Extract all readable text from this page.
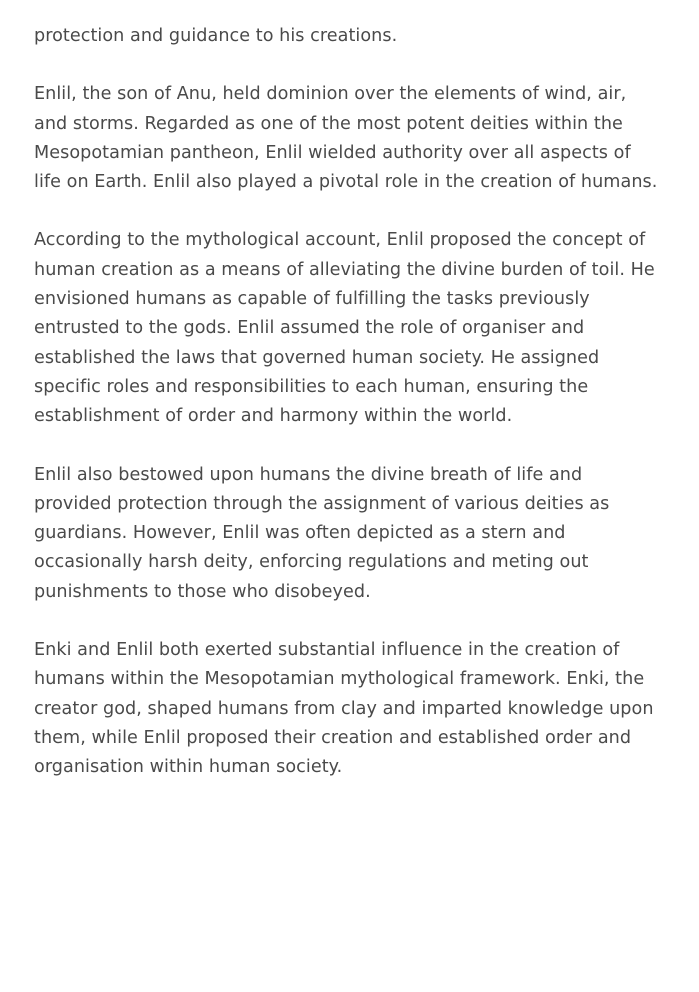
protection and guidance to his creations.

Enlil, the son of Anu, held dominion over the elements of wind, air,
and storms. Regarded as one of the most potent deities within the
Mesopotamian pantheon, Enlil wielded authority over all aspects of
life on Earth. Enlil also played a pivotal role in the creation of humans.

According to the mythological account, Enlil proposed the concept of
human creation as a means of alleviating the divine burden of toil. He
envisioned humans as capable of fulfilling the tasks previously
entrusted to the gods. Enlil assumed the role of organiser and
established the laws that governed human society. He assigned
specific roles and responsibilities to each human, ensuring the
establishment of order and harmony within the world.

Enlil also bestowed upon humans the divine breath of life and
provided protection through the assignment of various deities as
guardians. However, Enlil was often depicted as a stern and
occasionally harsh deity, enforcing regulations and meting out
punishments to those who disobeyed.

Enki and Enlil both exerted substantial influence in the creation of
humans within the Mesopotamian mythological framework. Enki, the
creator god, shaped humans from clay and imparted knowledge upon
them, while Enlil proposed their creation and established order and
organisation within human society.
